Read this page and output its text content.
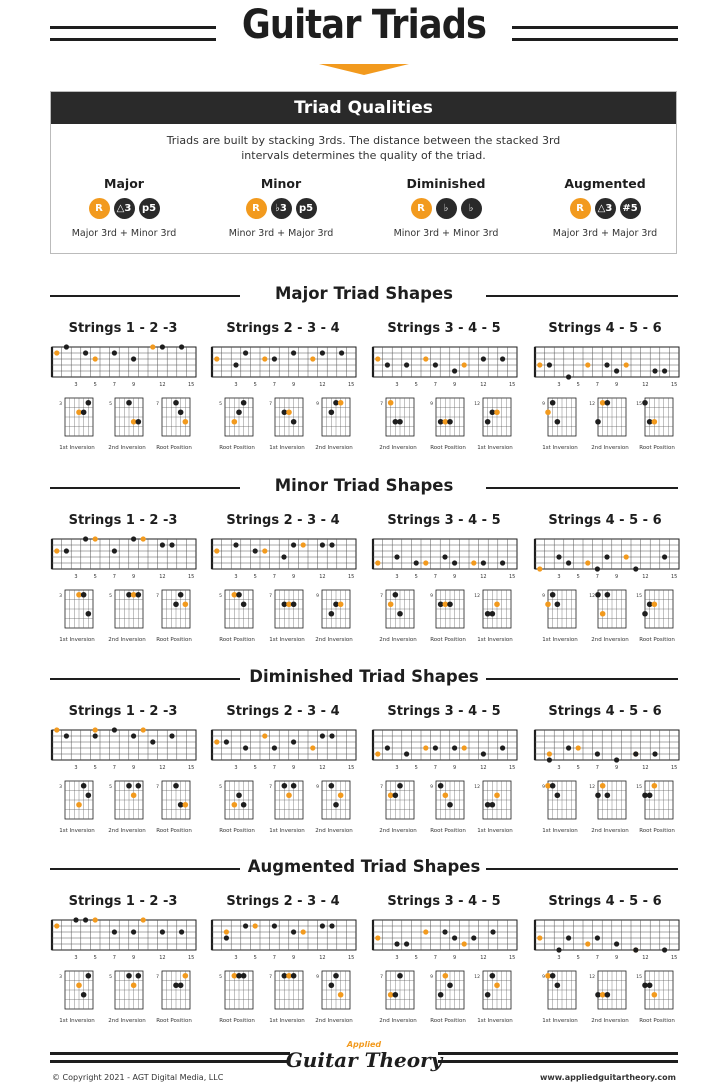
Guitar Triads
Triad Qualities
Triads are built by stacking 3rds. The distance between the stacked 3rd intervals determines the quality of the triad.
Major
R	△3	p5
Major 3rd + Minor 3rd
Minor
R	♭3	p5
Minor 3rd + Major 3rd
Diminished
R	♭	♭
Minor 3rd + Minor 3rd
Augmented
R	△3	#5
Major 3rd + Major 3rd
Major Triad Shapes
Strings 1 - 2 -3
3	5	7	9	12	15
3
1st Inversion
5
2nd Inversion
7
Root Position
Strings 2 - 3 - 4
3	5	7	9	12	15
5
Root Position
7
1st Inversion
9
2nd Inversion
Strings 3 - 4 - 5
3	5	7	9	12	15
7
2nd Inversion
9
Root Position
12
1st Inversion
Strings 4 - 5 - 6
3	5	7	9	12	15
9
1st Inversion
12
2nd Inversion
15
Root Position
Minor Triad Shapes
Strings 1 - 2 -3
3	5	7	9	12	15
3
1st Inversion
5
2nd Inversion
7
Root Position
Strings 2 - 3 - 4
3	5	7	9	12	15
5
Root Position
7
1st Inversion
9
2nd Inversion
Strings 3 - 4 - 5
3	5	7	9	12	15
7
2nd Inversion
9
Root Position
12
1st Inversion
Strings 4 - 5 - 6
3	5	7	9	12	15
9
1st Inversion
12
2nd Inversion
15
Root Position
Diminished Triad Shapes
Strings 1 - 2 -3
3	5	7	9	12	15
3
1st Inversion
5
2nd Inversion
7
Root Position
Strings 2 - 3 - 4
3	5	7	9	12	15
5
Root Position
7
1st Inversion
9
2nd Inversion
Strings 3 - 4 - 5
3	5	7	9	12	15
7
2nd Inversion
9
Root Position
12
1st Inversion
Strings 4 - 5 - 6
3	5	7	9	12	15
9
1st Inversion
12
2nd Inversion
15
Root Position
Augmented Triad Shapes
Strings 1 - 2 -3
3	5	7	9	12	15
3
1st Inversion
5
2nd Inversion
7
Root Position
Strings 2 - 3 - 4
3	5	7	9	12	15
5
Root Position
7
1st Inversion
9
2nd Inversion
Strings 3 - 4 - 5
3	5	7	9	12	15
7
2nd Inversion
9
Root Position
12
1st Inversion
Strings 4 - 5 - 6
3	5	7	9	12	15
9
1st Inversion
12
2nd Inversion
15
Root Position
Applied
Guitar Theory
© Copyright 2021 - AGT Digital Media, LLC	www.appliedguitartheory.com
